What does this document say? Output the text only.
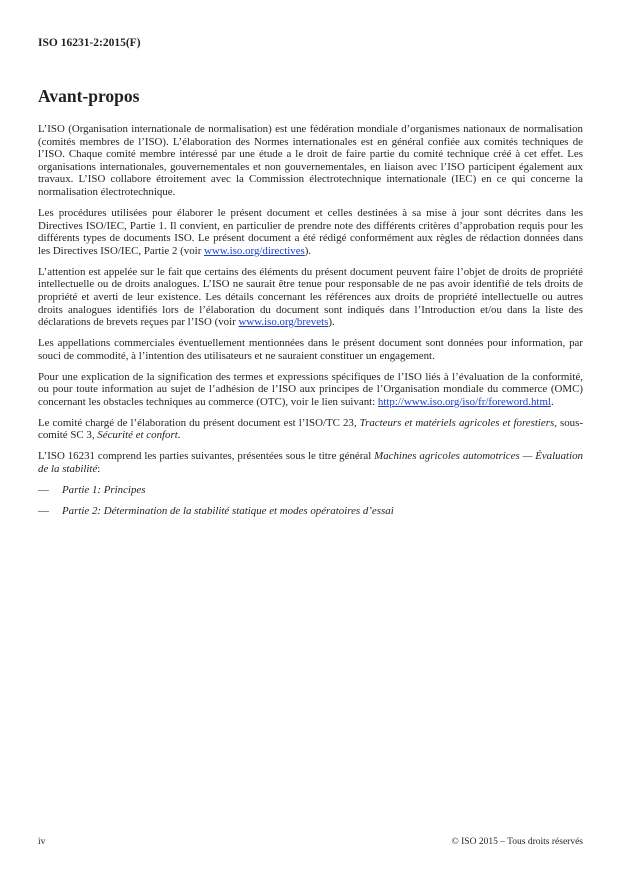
ISO 16231-2:2015(F)
Avant-propos

L’ISO (Organisation internationale de normalisation) est une fédération mondiale d’organismes nationaux de normalisation (comités membres de l’ISO). L’élaboration des Normes internationales est en général confiée aux comités techniques de l’ISO. Chaque comité membre intéressé par une étude a le droit de faire partie du comité technique créé à cet effet. Les organisations internationales, gouvernementales et non gouvernementales, en liaison avec l’ISO participent également aux travaux. L’ISO collabore étroitement avec la Commission électrotechnique internationale (IEC) en ce qui concerne la normalisation électrotechnique.

Les procédures utilisées pour élaborer le présent document et celles destinées à sa mise à jour sont décrites dans les Directives ISO/IEC, Partie 1. Il convient, en particulier de prendre note des différents critères d’approbation requis pour les différents types de documents ISO. Le présent document a été rédigé conformément aux règles de rédaction données dans les Directives ISO/IEC, Partie 2 (voir www.iso.org/directives).

L’attention est appelée sur le fait que certains des éléments du présent document peuvent faire l’objet de droits de propriété intellectuelle ou de droits analogues. L’ISO ne saurait être tenue pour responsable de ne pas avoir identifié de tels droits de propriété et averti de leur existence. Les détails concernant les références aux droits de propriété intellectuelle ou autres droits analogues identifiés lors de l’élaboration du document sont indiqués dans l’Introduction et/ou dans la liste des déclarations de brevets reçues par l’ISO (voir www.iso.org/brevets).

Les appellations commerciales éventuellement mentionnées dans le présent document sont données pour information, par souci de commodité, à l’intention des utilisateurs et ne sauraient constituer un engagement.

Pour une explication de la signification des termes et expressions spécifiques de l’ISO liés à l’évaluation de la conformité, ou pour toute information au sujet de l’adhésion de l’ISO aux principes de l’Organisation mondiale du commerce (OMC) concernant les obstacles techniques au commerce (OTC), voir le lien suivant: http://www.iso.org/iso/fr/foreword.html.

Le comité chargé de l’élaboration du présent document est l’ISO/TC 23, Tracteurs et matériels agricoles et forestiers, sous-comité SC 3, Sécurité et confort.

L’ISO 16231 comprend les parties suivantes, présentées sous le titre général Machines agricoles automotrices — Évaluation de la stabilité:

—	Partie 1: Principes
—	Partie 2: Détermination de la stabilité statique et modes opératoires d’essai
iv	© ISO 2015 – Tous droits réservés
